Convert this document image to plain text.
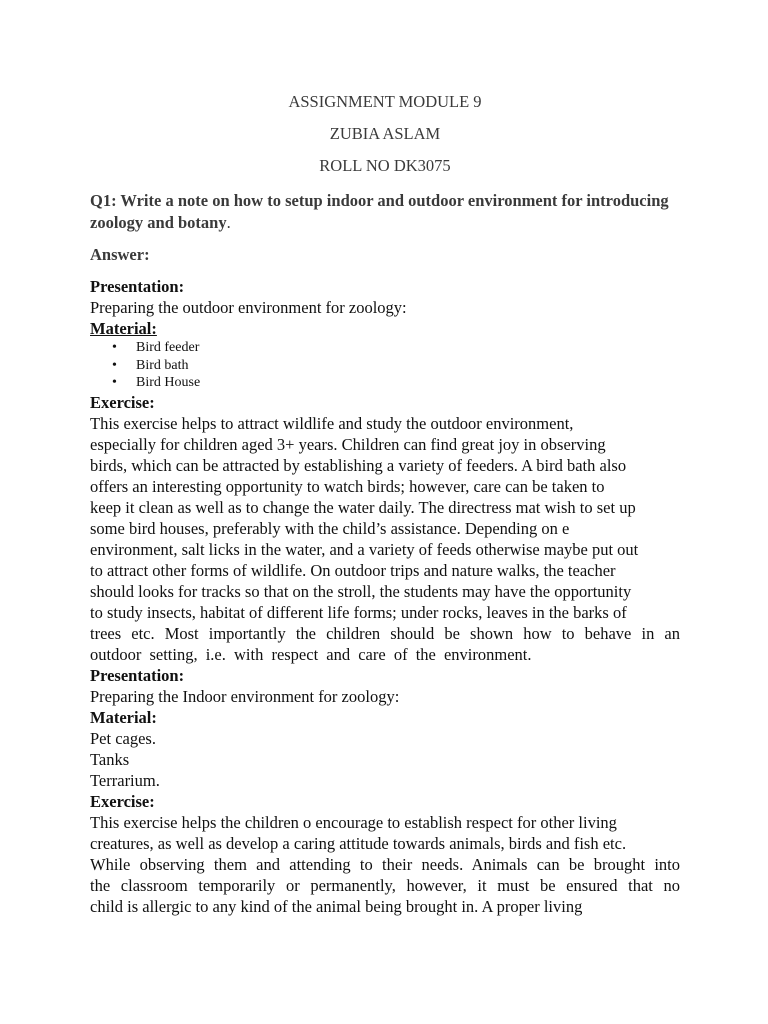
ASSIGNMENT MODULE 9
ZUBIA ASLAM
ROLL NO DK3075

Q1: Write a note on how to setup indoor and outdoor environment for introducing zoology and botany.

Answer:

Presentation:

Preparing the outdoor environment for zoology:

Material:

• Bird feeder
• Bird bath
• Bird House

Exercise:

This exercise helps to attract wildlife and study the outdoor environment,
especially for children aged 3+ years. Children can find great joy in observing
birds, which can be attracted by establishing a variety of feeders. A bird bath also
offers an interesting opportunity to watch birds; however, care can be taken to
keep it clean as well as to change the water daily. The directress mat wish to set up
some bird houses, preferably with the child’s assistance. Depending on e
environment, salt licks in the water, and a variety of feeds otherwise maybe put out
to attract other forms of wildlife. On outdoor trips and nature walks, the teacher
should looks for tracks so that on the stroll, the students may have the opportunity
to study insects, habitat of different life forms; under rocks, leaves in the barks of
trees etc. Most importantly the children should be shown how to behave in an
outdoor setting, i.e. with respect and care of the environment.

Presentation:

Preparing the Indoor environment for zoology:

Material:

Pet cages.

Tanks

Terrarium.

Exercise:

This exercise helps the children o encourage to establish respect for other living
creatures, as well as develop a caring attitude towards animals, birds and fish etc.
While observing them and attending to their needs. Animals can be brought into
the classroom temporarily or permanently, however, it must be ensured that no
child is allergic to any kind of the animal being brought in. A proper living
